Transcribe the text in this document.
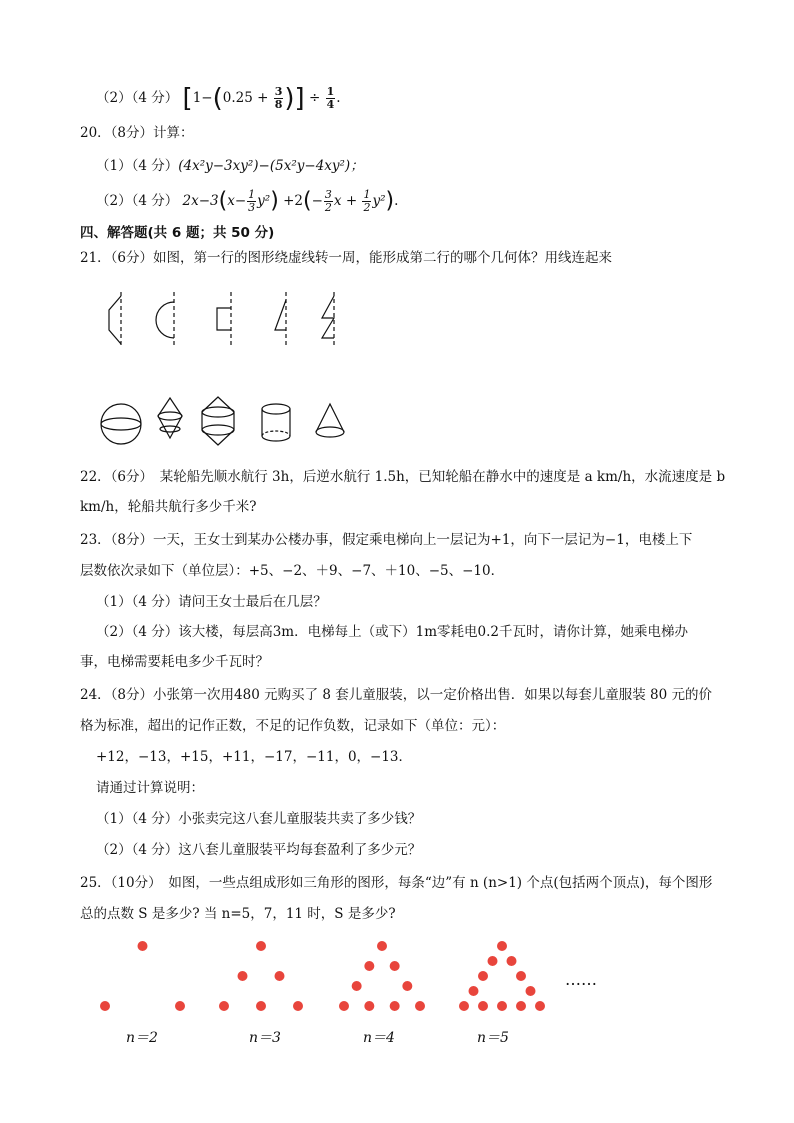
（2）（4 分） [$1-(0.25 + \frac{3}{8}$ )] ÷ $\frac{1}{4}$ .
20．（8分）计算：
（1）（4 分）(4x²y−3xy²)−(5x²y−4xy²)；
（2）（4 分） $2x-3(x- \frac{1}{3} y^2) +2(- \frac{3}{2}$ $x + \frac{1}{2} y^2$).
四、解答题(共 6 题；共 50 分)
21．（6分）如图，第一行的图形绕虚线转一周，能形成第二行的哪个几何体？用线连起来
22．（6分）　某轮船先顺水航行 3h，后逆水航行 1.5h，已知轮船在静水中的速度是 a km/h，水流速度是 b
km/h，轮船共航行多少千米?
23．（8分）一天，王女士到某办公楼办事，假定乘电梯向上一层记为+1，向下一层记为−1，电楼上下
层数依次录如下（单位层）：+5、−2、＋9、−7、＋10、−5、−10．
（1）（4 分）请问王女士最后在几层？
（2）（4 分）该大楼，每层高3m．电梯每上（或下）1m零耗电0.2千瓦时，请你计算，她乘电梯办
事，电梯需要耗电多少千瓦时？
24．（8分）小张第一次用480 元购买了 8 套儿童服装，以一定价格出售．如果以每套儿童服装 80 元的价
格为标准，超出的记作正数，不足的记作负数，记录如下（单位：元）：
+12，−13，+15，+11，−17，−11，0，−13．
请通过计算说明：
（1）（4 分）小张卖完这八套儿童服装共卖了多少钱？
（2）（4 分）这八套儿童服装平均每套盈利了多少元？
25．（10分）　如图，一些点组成形如三角形的图形，每条“边”有 n (n>1) 个点(包括两个顶点)，每个图形
总的点数 S 是多少? 当 n=5，7，11 时，S 是多少?
……
n＝2	n＝3	n＝4	n＝5
